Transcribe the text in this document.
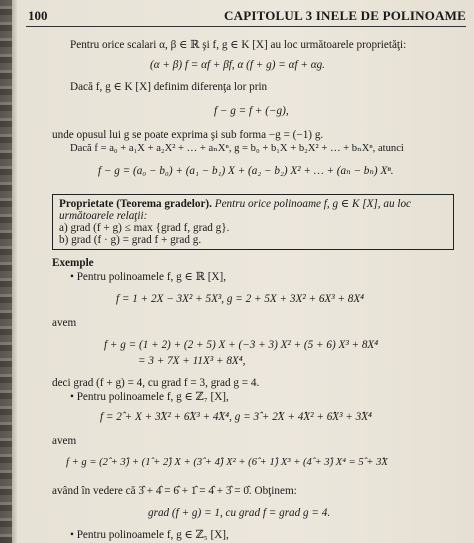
100	CAPITOLUL 3 INELE DE POLINOAME
Pentru orice scalari α, β ∈ ℝ şi f, g ∈ K [X] au loc următoarele proprietăţi:
(α + β) f = αf + βf, α (f + g) = αf + αg.
Dacă f, g ∈ K [X] definim diferenţa lor prin
f − g = f + (−g),
unde opusul lui g se poate exprima şi sub forma −g = (−1) g.
Dacă f = a₀ + a₁X + a₂X² + … + aₙXⁿ, g = b₀ + b₁X + b₂X² + … + bₙXⁿ, atunci
f − g = (a₀ − b₀) + (a₁ − b₁) X + (a₂ − b₂) X² + … + (aₙ − bₙ) Xⁿ.
Proprietate (Teorema gradelor). Pentru orice polinoame f, g ∈ K [X], au loc
următoarele relaţii:
a) grad (f + g) ≤ max {grad f, grad g}.
b) grad (f · g) = grad f + grad g.
Exemple
• Pentru polinoamele f, g ∈ ℝ [X],
f = 1 + 2X − 3X² + 5X³, g = 2 + 5X + 3X² + 6X³ + 8X⁴
avem
f + g = (1 + 2) + (2 + 5) X + (−3 + 3) X² + (5 + 6) X³ + 8X⁴
= 3 + 7X + 11X³ + 8X⁴,
deci grad (f + g) = 4, cu grad f = 3, grad g = 4.
• Pentru polinoamele f, g ∈ ℤ₇ [X],
f = 2̂ + X + 3̂X² + 6̂X³ + 4̂X⁴, g = 3̂ + 2̂X + 4̂X² + 6̂X³ + 3̂X⁴
avem
f + g = (2̂ + 3̂) + (1̂ + 2̂) X + (3̂ + 4̂) X² + (6̂ + 1̂) X³ + (4̂ + 3̂) X⁴ = 5̂ + 3̂X
având în vedere că 3̂ + 4̂ = 6̂ + 1̂ = 4̂ + 3̂ = 0̂. Obţinem:
grad (f + g) = 1, cu grad f = grad g = 4.
• Pentru polinoamele f, g ∈ ℤ₅ [X],
